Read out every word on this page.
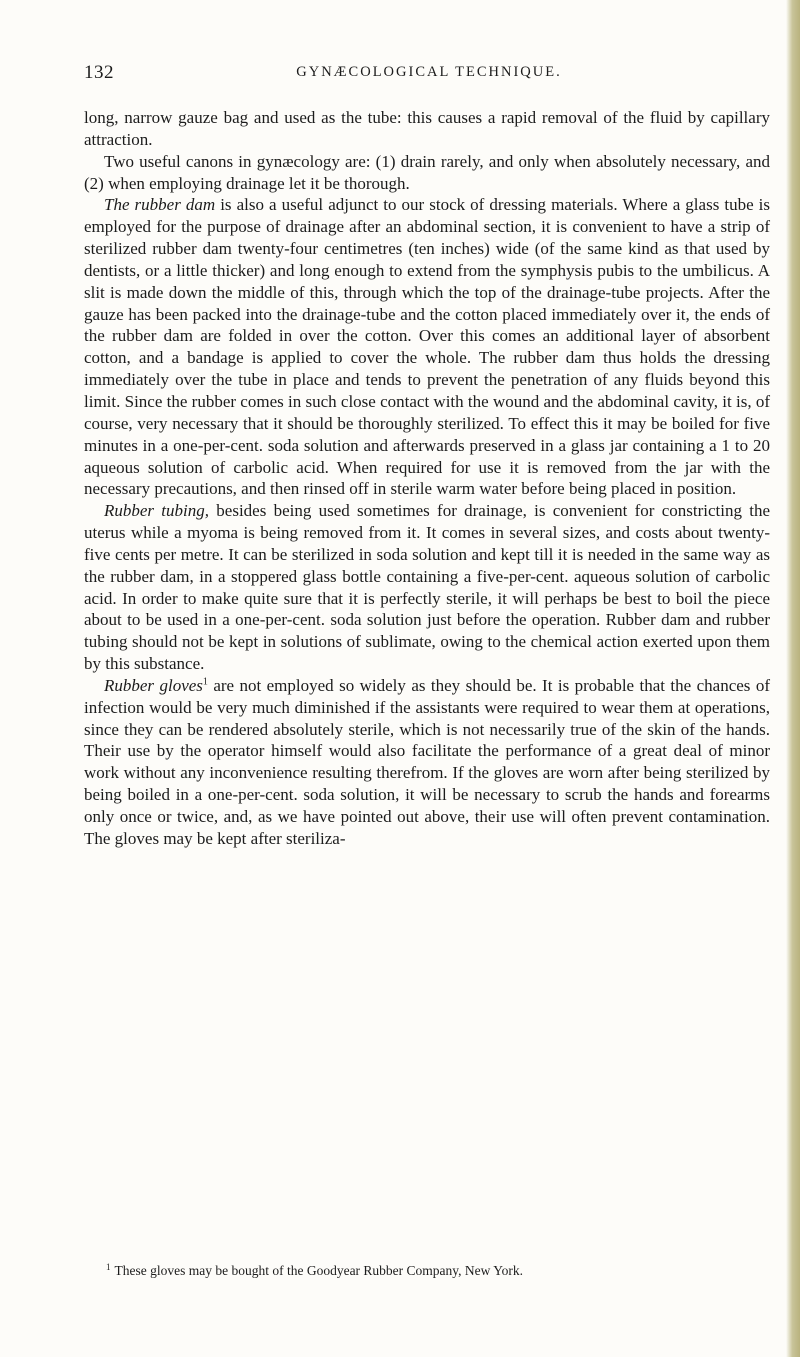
132	GYNÆCOLOGICAL TECHNIQUE.

long, narrow gauze bag and used as the tube: this causes a rapid removal of the fluid by capillary attraction.

Two useful canons in gynæcology are: (1) drain rarely, and only when absolutely necessary, and (2) when employing drainage let it be thorough.

The rubber dam is also a useful adjunct to our stock of dressing materials. Where a glass tube is employed for the purpose of drainage after an abdominal section, it is convenient to have a strip of sterilized rubber dam twenty-four centimetres (ten inches) wide (of the same kind as that used by dentists, or a little thicker) and long enough to extend from the symphysis pubis to the umbilicus. A slit is made down the middle of this, through which the top of the drainage-tube projects. After the gauze has been packed into the drainage-tube and the cotton placed immediately over it, the ends of the rubber dam are folded in over the cotton. Over this comes an additional layer of absorbent cotton, and a bandage is applied to cover the whole. The rubber dam thus holds the dressing immediately over the tube in place and tends to prevent the penetration of any fluids beyond this limit. Since the rubber comes in such close contact with the wound and the abdominal cavity, it is, of course, very necessary that it should be thoroughly sterilized. To effect this it may be boiled for five minutes in a one-per-cent. soda solution and afterwards preserved in a glass jar containing a 1 to 20 aqueous solution of carbolic acid. When required for use it is removed from the jar with the necessary precautions, and then rinsed off in sterile warm water before being placed in position.

Rubber tubing, besides being used sometimes for drainage, is convenient for constricting the uterus while a myoma is being removed from it. It comes in several sizes, and costs about twenty-five cents per metre. It can be sterilized in soda solution and kept till it is needed in the same way as the rubber dam, in a stoppered glass bottle containing a five-per-cent. aqueous solution of carbolic acid. In order to make quite sure that it is perfectly sterile, it will perhaps be best to boil the piece about to be used in a one-per-cent. soda solution just before the operation. Rubber dam and rubber tubing should not be kept in solutions of sublimate, owing to the chemical action exerted upon them by this substance.

Rubber gloves$^1$ are not employed so widely as they should be. It is probable that the chances of infection would be very much diminished if the assistants were required to wear them at operations, since they can be rendered absolutely sterile, which is not necessarily true of the skin of the hands. Their use by the operator himself would also facilitate the performance of a great deal of minor work without any inconvenience resulting therefrom. If the gloves are worn after being sterilized by being boiled in a one-per-cent. soda solution, it will be necessary to scrub the hands and forearms only once or twice, and, as we have pointed out above, their use will often prevent contamination. The gloves may be kept after steriliza-

$^1$ These gloves may be bought of the Goodyear Rubber Company, New York.
